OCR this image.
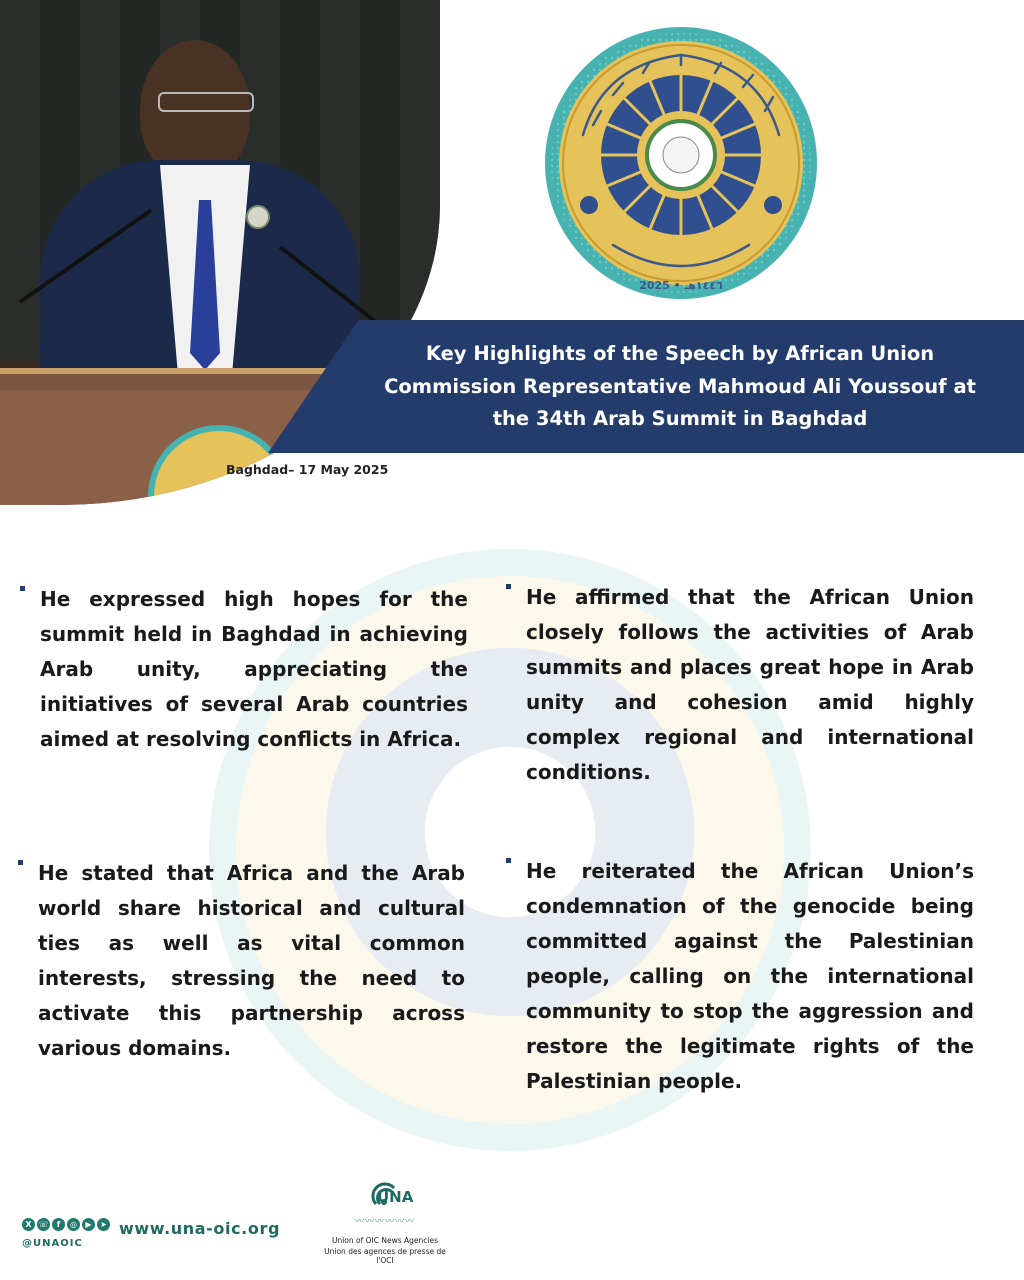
2025 • ١٤٤٦هـ
Key Highlights of the Speech by African Union
Commission Representative Mahmoud Ali Youssouf at
the 34th Arab Summit in Baghdad
Baghdad– 17 May 2025
He expressed high hopes for the summit held in Baghdad in achieving Arab unity, appreciating the initiatives of several Arab countries aimed at resolving conflicts in Africa.
He affirmed that the African Union closely follows the activities of Arab summits and places great hope in Arab unity and cohesion amid highly complex regional and international conditions.
He stated that Africa and the Arab world share historical and cultural ties as well as vital common interests, stressing the need to activate this partnership across various domains.
He reiterated the African Union’s condemnation of the genocide being committed against the Palestinian people, calling on the international community to stop the aggression and restore the legitimate rights of the Palestinian people.
X ☏	f	◎	▶	➤
@UNAOIC
www.una-oic.org
UNA
〰〰〰〰〰〰
Union of OIC News Agencies
Union des agences de presse de l'OCI
